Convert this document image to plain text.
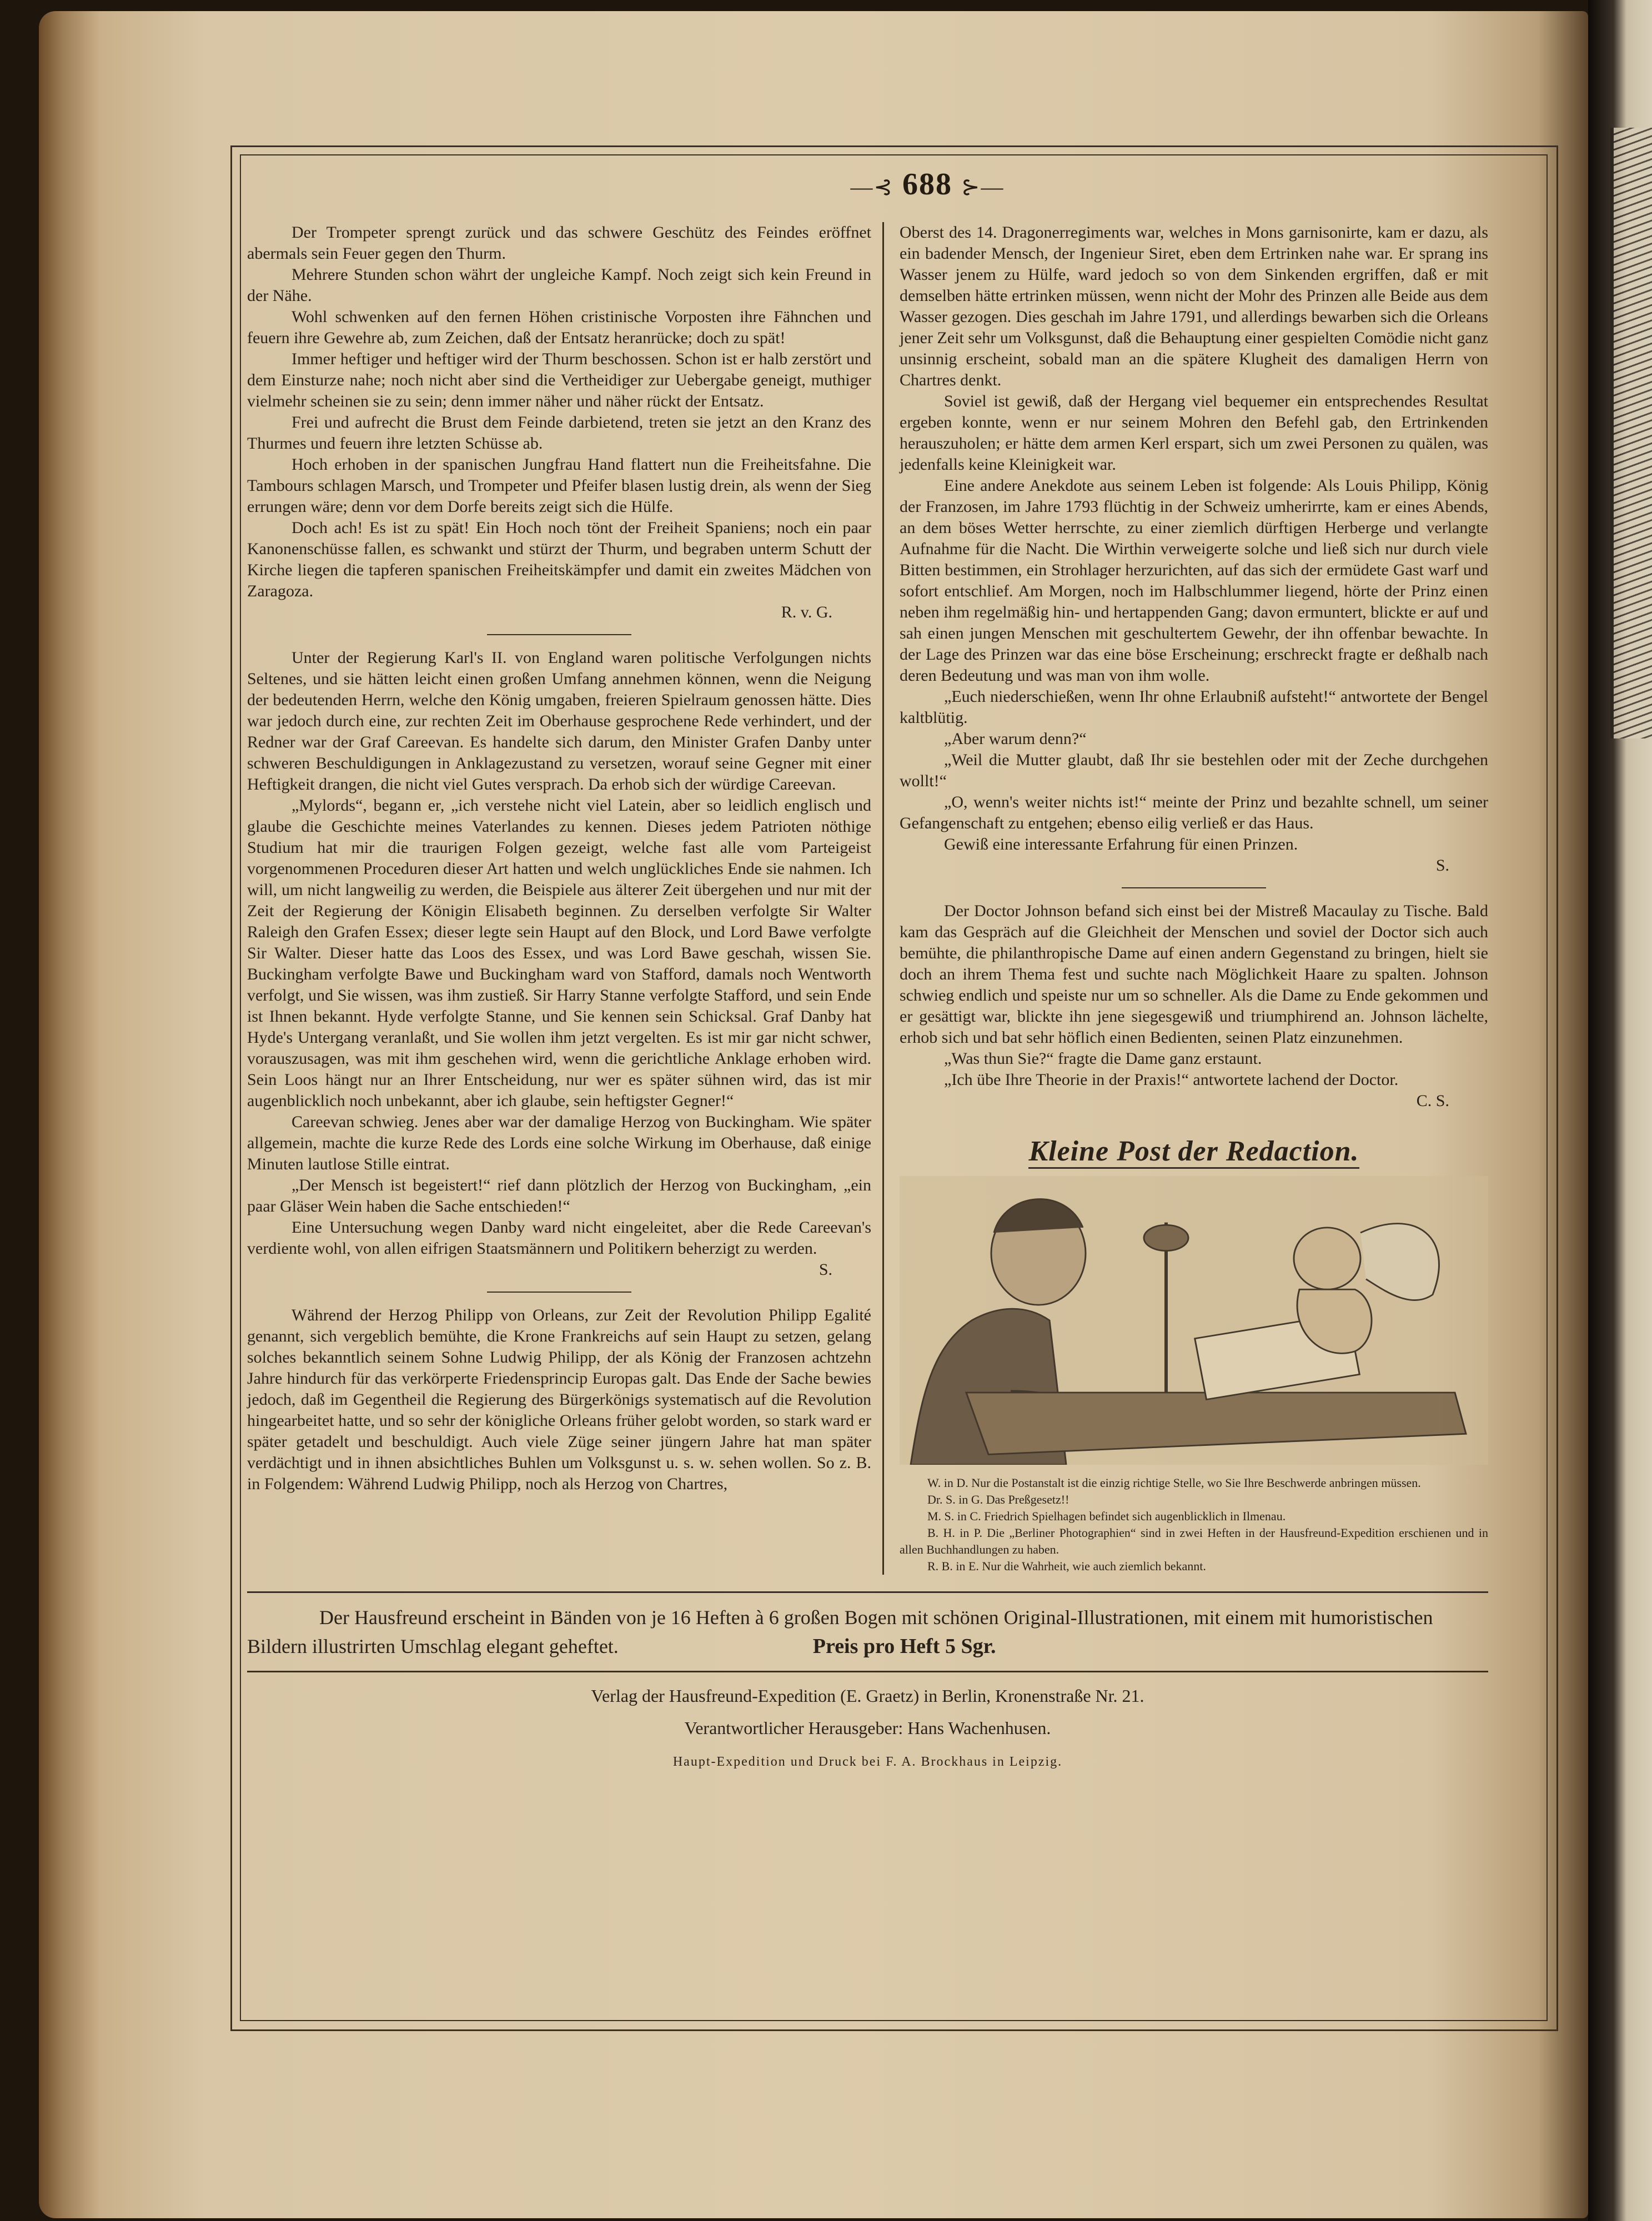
—⊰ 688 ⊱—

Der Trompeter sprengt zurück und das schwere Geschütz des Feindes eröffnet abermals sein Feuer gegen den Thurm.

Mehrere Stunden schon währt der ungleiche Kampf. Noch zeigt sich kein Freund in der Nähe.

Wohl schwenken auf den fernen Höhen cristinische Vorposten ihre Fähnchen und feuern ihre Gewehre ab, zum Zeichen, daß der Entsatz heranrücke; doch zu spät!

Immer heftiger und heftiger wird der Thurm beschossen. Schon ist er halb zerstört und dem Einsturze nahe; noch nicht aber sind die Vertheidiger zur Uebergabe geneigt, muthiger vielmehr scheinen sie zu sein; denn immer näher und näher rückt der Entsatz.

Frei und aufrecht die Brust dem Feinde darbietend, treten sie jetzt an den Kranz des Thurmes und feuern ihre letzten Schüsse ab.

Hoch erhoben in der spanischen Jungfrau Hand flattert nun die Freiheitsfahne. Die Tambours schlagen Marsch, und Trompeter und Pfeifer blasen lustig drein, als wenn der Sieg errungen wäre; denn vor dem Dorfe bereits zeigt sich die Hülfe.

Doch ach! Es ist zu spät! Ein Hoch noch tönt der Freiheit Spaniens; noch ein paar Kanonenschüsse fallen, es schwankt und stürzt der Thurm, und begraben unterm Schutt der Kirche liegen die tapferen spanischen Freiheitskämpfer und damit ein zweites Mädchen von Zaragoza.

R. v. G.

Unter der Regierung Karl's II. von England waren politische Verfolgungen nichts Seltenes, und sie hätten leicht einen großen Umfang annehmen können, wenn die Neigung der bedeutenden Herrn, welche den König umgaben, freieren Spielraum genossen hätte. Dies war jedoch durch eine, zur rechten Zeit im Oberhause gesprochene Rede verhindert, und der Redner war der Graf Careevan. Es handelte sich darum, den Minister Grafen Danby unter schweren Beschuldigungen in Anklagezustand zu versetzen, worauf seine Gegner mit einer Heftigkeit drangen, die nicht viel Gutes versprach. Da erhob sich der würdige Careevan.

„Mylords“, begann er, „ich verstehe nicht viel Latein, aber so leidlich englisch und glaube die Geschichte meines Vaterlandes zu kennen. Dieses jedem Patrioten nöthige Studium hat mir die traurigen Folgen gezeigt, welche fast alle vom Parteigeist vorgenommenen Proceduren dieser Art hatten und welch unglückliches Ende sie nahmen. Ich will, um nicht langweilig zu werden, die Beispiele aus älterer Zeit übergehen und nur mit der Zeit der Regierung der Königin Elisabeth beginnen. Zu derselben verfolgte Sir Walter Raleigh den Grafen Essex; dieser legte sein Haupt auf den Block, und Lord Bawe verfolgte Sir Walter. Dieser hatte das Loos des Essex, und was Lord Bawe geschah, wissen Sie. Buckingham verfolgte Bawe und Buckingham ward von Stafford, damals noch Wentworth verfolgt, und Sie wissen, was ihm zustieß. Sir Harry Stanne verfolgte Stafford, und sein Ende ist Ihnen bekannt. Hyde verfolgte Stanne, und Sie kennen sein Schicksal. Graf Danby hat Hyde's Untergang veranlaßt, und Sie wollen ihm jetzt vergelten. Es ist mir gar nicht schwer, vorauszusagen, was mit ihm geschehen wird, wenn die gerichtliche Anklage erhoben wird. Sein Loos hängt nur an Ihrer Entscheidung, nur wer es später sühnen wird, das ist mir augenblicklich noch unbekannt, aber ich glaube, sein heftigster Gegner!“

Careevan schwieg. Jenes aber war der damalige Herzog von Buckingham. Wie später allgemein, machte die kurze Rede des Lords eine solche Wirkung im Oberhause, daß einige Minuten lautlose Stille eintrat.

„Der Mensch ist begeistert!“ rief dann plötzlich der Herzog von Buckingham, „ein paar Gläser Wein haben die Sache entschieden!“

Eine Untersuchung wegen Danby ward nicht eingeleitet, aber die Rede Careevan's verdiente wohl, von allen eifrigen Staatsmännern und Politikern beherzigt zu werden.

S.

Während der Herzog Philipp von Orleans, zur Zeit der Revolution Philipp Egalité genannt, sich vergeblich bemühte, die Krone Frankreichs auf sein Haupt zu setzen, gelang solches bekanntlich seinem Sohne Ludwig Philipp, der als König der Franzosen achtzehn Jahre hindurch für das verkörperte Friedensprincip Europas galt. Das Ende der Sache bewies jedoch, daß im Gegentheil die Regierung des Bürgerkönigs systematisch auf die Revolution hingearbeitet hatte, und so sehr der königliche Orleans früher gelobt worden, so stark ward er später getadelt und beschuldigt. Auch viele Züge seiner jüngern Jahre hat man später verdächtigt und in ihnen absichtliches Buhlen um Volksgunst u. s. w. sehen wollen. So z. B. in Folgendem: Während Ludwig Philipp, noch als Herzog von Chartres,

Oberst des 14. Dragonerregiments war, welches in Mons garnisonirte, kam er dazu, als ein badender Mensch, der Ingenieur Siret, eben dem Ertrinken nahe war. Er sprang ins Wasser jenem zu Hülfe, ward jedoch so von dem Sinkenden ergriffen, daß er mit demselben hätte ertrinken müssen, wenn nicht der Mohr des Prinzen alle Beide aus dem Wasser gezogen. Dies geschah im Jahre 1791, und allerdings bewarben sich die Orleans jener Zeit sehr um Volksgunst, daß die Behauptung einer gespielten Comödie nicht ganz unsinnig erscheint, sobald man an die spätere Klugheit des damaligen Herrn von Chartres denkt.

Soviel ist gewiß, daß der Hergang viel bequemer ein entsprechendes Resultat ergeben konnte, wenn er nur seinem Mohren den Befehl gab, den Ertrinkenden herauszuholen; er hätte dem armen Kerl erspart, sich um zwei Personen zu quälen, was jedenfalls keine Kleinigkeit war.

Eine andere Anekdote aus seinem Leben ist folgende: Als Louis Philipp, König der Franzosen, im Jahre 1793 flüchtig in der Schweiz umherirrte, kam er eines Abends, an dem böses Wetter herrschte, zu einer ziemlich dürftigen Herberge und verlangte Aufnahme für die Nacht. Die Wirthin verweigerte solche und ließ sich nur durch viele Bitten bestimmen, ein Strohlager herzurichten, auf das sich der ermüdete Gast warf und sofort entschlief. Am Morgen, noch im Halbschlummer liegend, hörte der Prinz einen neben ihm regelmäßig hin- und hertappenden Gang; davon ermuntert, blickte er auf und sah einen jungen Menschen mit geschultertem Gewehr, der ihn offenbar bewachte. In der Lage des Prinzen war das eine böse Erscheinung; erschreckt fragte er deßhalb nach deren Bedeutung und was man von ihm wolle.

„Euch niederschießen, wenn Ihr ohne Erlaubniß aufsteht!“ antwortete der Bengel kaltblütig.

„Aber warum denn?“

„Weil die Mutter glaubt, daß Ihr sie bestehlen oder mit der Zeche durchgehen wollt!“

„O, wenn's weiter nichts ist!“ meinte der Prinz und bezahlte schnell, um seiner Gefangenschaft zu entgehen; ebenso eilig verließ er das Haus.

Gewiß eine interessante Erfahrung für einen Prinzen.

S.

Der Doctor Johnson befand sich einst bei der Mistreß Macaulay zu Tische. Bald kam das Gespräch auf die Gleichheit der Menschen und soviel der Doctor sich auch bemühte, die philanthropische Dame auf einen andern Gegenstand zu bringen, hielt sie doch an ihrem Thema fest und suchte nach Möglichkeit Haare zu spalten. Johnson schwieg endlich und speiste nur um so schneller. Als die Dame zu Ende gekommen und er gesättigt war, blickte ihn jene siegesgewiß und triumphirend an. Johnson lächelte, erhob sich und bat sehr höflich einen Bedienten, seinen Platz einzunehmen.

„Was thun Sie?“ fragte die Dame ganz erstaunt.

„Ich übe Ihre Theorie in der Praxis!“ antwortete lachend der Doctor.

C. S.

Kleine Post der Redaction.

W. in D. Nur die Postanstalt ist die einzig richtige Stelle, wo Sie Ihre Beschwerde anbringen müssen.

Dr. S. in G. Das Preßgesetz!!

M. S. in C. Friedrich Spielhagen befindet sich augenblicklich in Ilmenau.

B. H. in P. Die „Berliner Photographien“ sind in zwei Heften in der Hausfreund-Expedition erschienen und in allen Buchhandlungen zu haben.

R. B. in E. Nur die Wahrheit, wie auch ziemlich bekannt.

Der Hausfreund erscheint in Bänden von je 16 Heften à 6 großen Bogen mit schönen Original-Illustrationen, mit einem mit humoristischen Bildern illustrirten Umschlag elegant geheftet.	Preis pro Heft 5 Sgr.

Verlag der Hausfreund-Expedition (E. Graetz) in Berlin, Kronenstraße Nr. 21.
Verantwortlicher Herausgeber: Hans Wachenhusen.
Haupt-Expedition und Druck bei F. A. Brockhaus in Leipzig.
